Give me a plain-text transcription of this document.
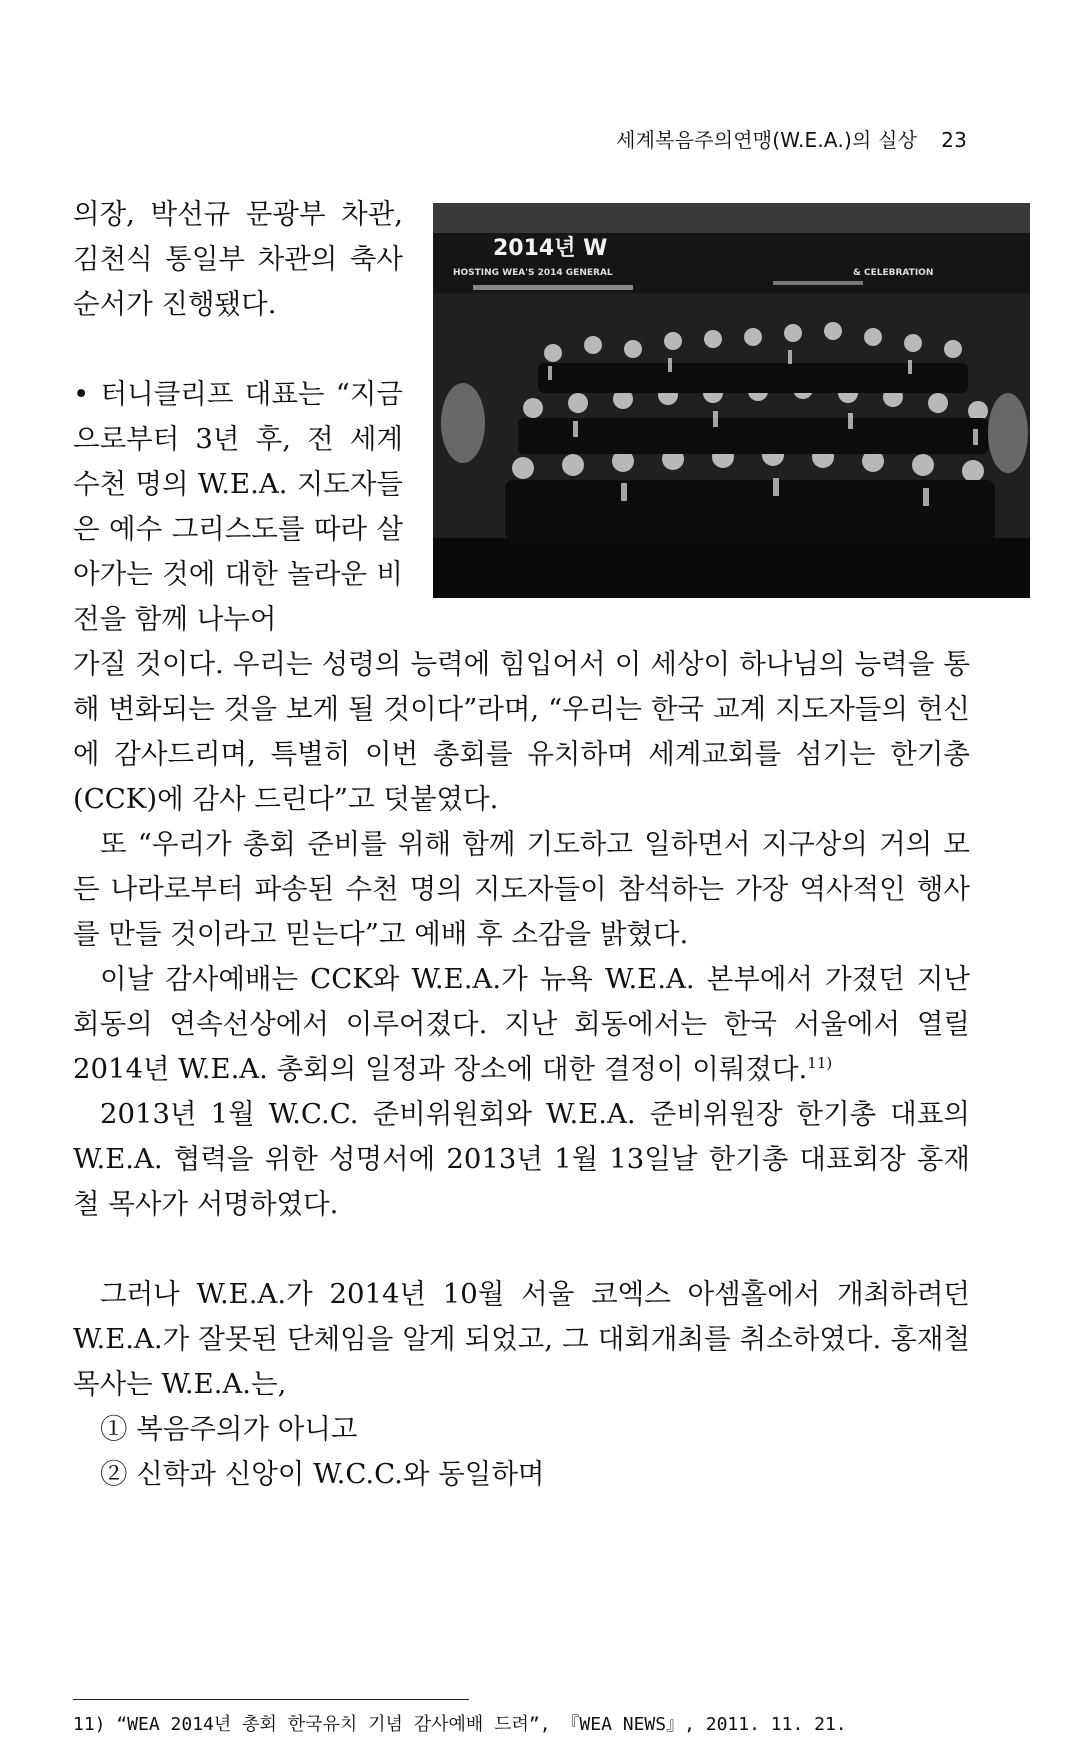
세계복음주의연맹(W.E.A.)의 실상 23
2014년 W
HOSTING WEA'S 2014 GENERAL	& CELEBRATION

의장, 박선규 문광부 차관, 김천식 통일부 차관의 축사 순서가 진행됐다.

• 터니클리프 대표는 “지금으로부터 3년 후, 전 세계 수천 명의 W.E.A. 지도자들은 예수 그리스도를 따라 살아가는 것에 대한 놀라운 비전을 함께 나누어

가질 것이다. 우리는 성령의 능력에 힘입어서 이 세상이 하나님의 능력을 통해 변화되는 것을 보게 될 것이다”라며, “우리는 한국 교계 지도자들의 헌신에 감사드리며, 특별히 이번 총회를 유치하며 세계교회를 섬기는 한기총(CCK)에 감사 드린다”고 덧붙였다.

또 “우리가 총회 준비를 위해 함께 기도하고 일하면서 지구상의 거의 모든 나라로부터 파송된 수천 명의 지도자들이 참석하는 가장 역사적인 행사를 만들 것이라고 믿는다”고 예배 후 소감을 밝혔다.

이날 감사예배는 CCK와 W.E.A.가 뉴욕 W.E.A. 본부에서 가졌던 지난 회동의 연속선상에서 이루어졌다. 지난 회동에서는 한국 서울에서 열릴 2014년 W.E.A. 총회의 일정과 장소에 대한 결정이 이뤄졌다.$^{11)}$

2013년 1월 W.C.C. 준비위원회와 W.E.A. 준비위원장 한기총 대표의 W.E.A. 협력을 위한 성명서에 2013년 1월 13일날 한기총 대표회장 홍재철 목사가 서명하였다.

그러나 W.E.A.가 2014년 10월 서울 코엑스 아셈홀에서 개최하려던 W.E.A.가 잘못된 단체임을 알게 되었고, 그 대회개최를 취소하였다. 홍재철 목사는 W.E.A.는,

① 복음주의가 아니고

② 신학과 신앙이 W.C.C.와 동일하며

11) “WEA 2014년 총회 한국유치 기념 감사예배 드려”, 『WEA NEWS』, 2011. 11. 21.
